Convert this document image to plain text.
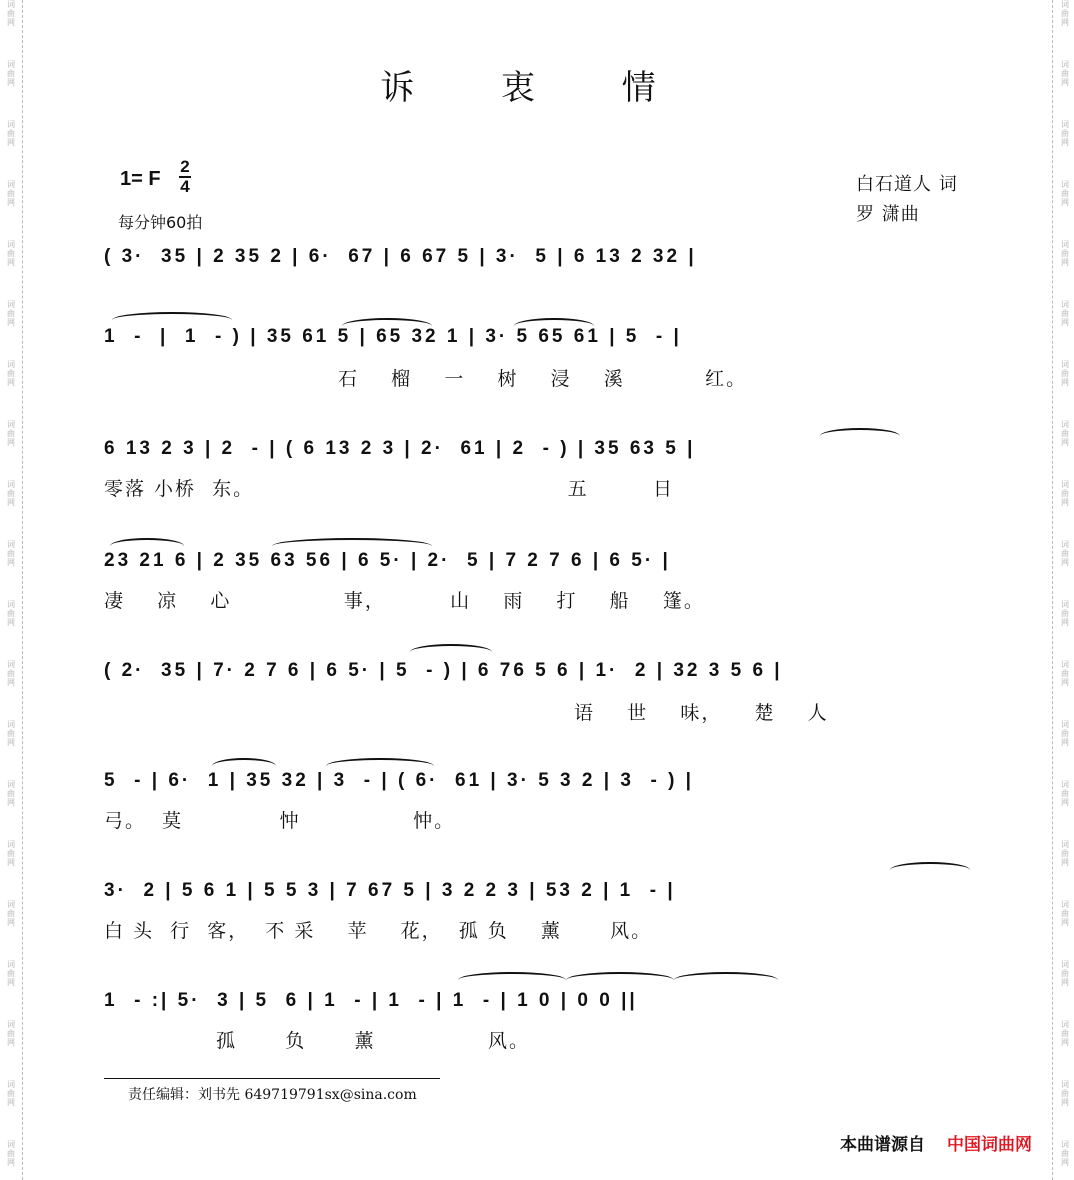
词
曲
网
词
曲
网
词
曲
网
词
曲
网
词
曲
网
词
曲
网
词
曲
网
词
曲
网
词
曲
网
词
曲
网
词
曲
网
词
曲
网
词
曲
网
词
曲
网
词
曲
网
词
曲
网
词
曲
网
词
曲
网
词
曲
网
词
曲
网
词
曲
网
词
曲
网
词
曲
网
词
曲
网
词
曲
网
词
曲
网
词
曲
网
词
曲
网
词
曲
网
词
曲
网
词
曲
网
词
曲
网
词
曲
网
词
曲
网
词
曲
网
词
曲
网
词
曲
网
词
曲
网
词
曲
网
词
曲
网
诉 衷 情
1= F
2
4
每分钟60拍
白石道人 词
罗 潇曲
( 3·  35 | 2 35 2 | 6·  67 | 6 67 5 | 3·  5 | 6 13 2 32 |
1  -  |  1  - ) | 35 61 5 | 65 32 1 | 3· 5 65 61 | 5  - |
石    榴    一    树    浸    溪          红。
6 13 2 3 | 2  - | ( 6 13 2 3 | 2·  61 | 2  - ) | 35 63 5 |
零落 小桥  东。                                       五        日
23 21 6 | 2 35 63 56 | 6 5· | 2·  5 | 7 2 7 6 | 6 5· |
凄    凉    心              事，        山    雨    打    船    篷。
( 2·  35 | 7· 2 7 6 | 6 5· | 5  - ) | 6 76 5 6 | 1·  2 | 32 3 5 6 |
语    世    味，    楚    人
5  - | 6·  1 | 35 32 | 3  - | ( 6·  61 | 3· 5 3 2 | 3  - ) |
弓。  莫            忡              忡。
3·  2 | 5 6 1 | 5 5 3 | 7 67 5 | 3 2 2 3 | 53 2 | 1  - |
白 头  行  客，  不 采    苹    花，  孤 负    薰      风。
1  - :| 5·  3 | 5  6 | 1  - | 1  - | 1  - | 1 0 | 0 0 ||
孤      负      薰              风。
责任编辑：刘书先 649719791sx@sina.com
本曲谱源自 中国词曲网
